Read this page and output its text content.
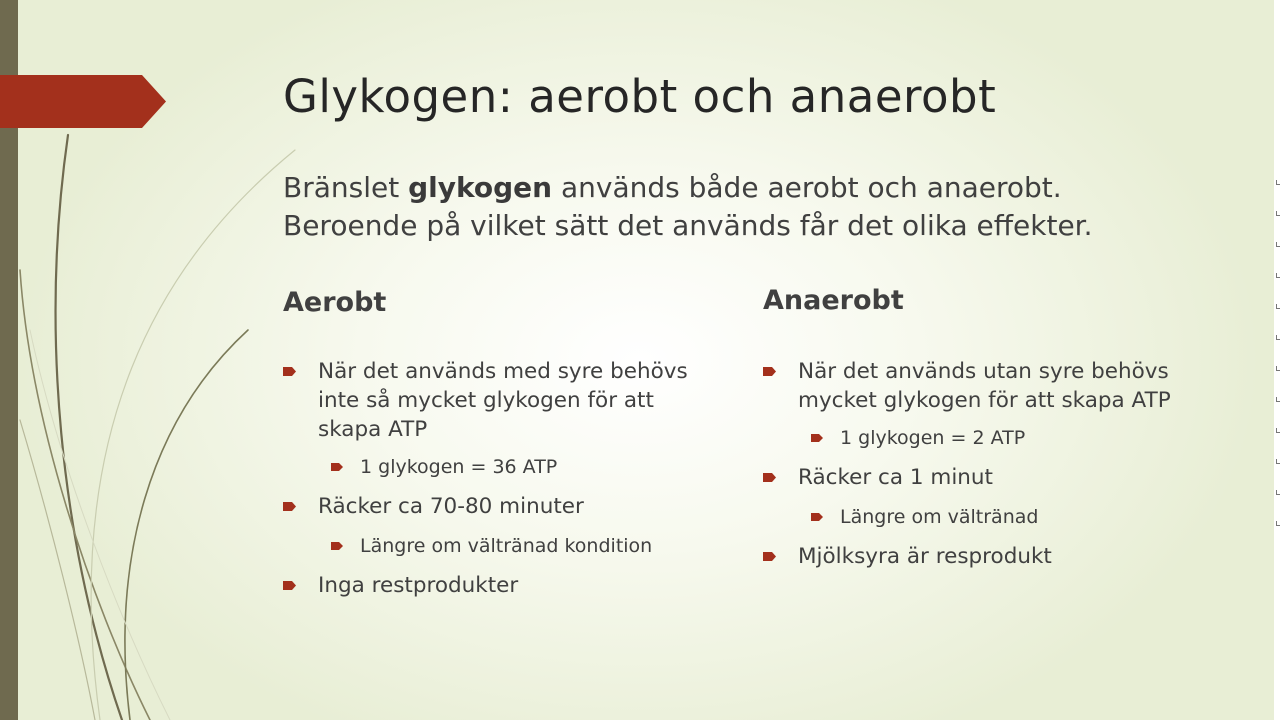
Glykogen: aerobt och anaerobt
Bränslet glykogen används både aerobt och anaerobt.
Beroende på vilket sätt det används får det olika effekter.
Aerobt
När det används med syre behövs inte så mycket glykogen för att skapa ATP
1 glykogen = 36 ATP
Räcker ca 70-80 minuter
Längre om vältränad kondition
Inga restprodukter
Anaerobt
När det används utan syre behövs mycket glykogen för att skapa ATP
1 glykogen = 2 ATP
Räcker ca 1 minut
Längre om vältränad
Mjölksyra är resprodukt
